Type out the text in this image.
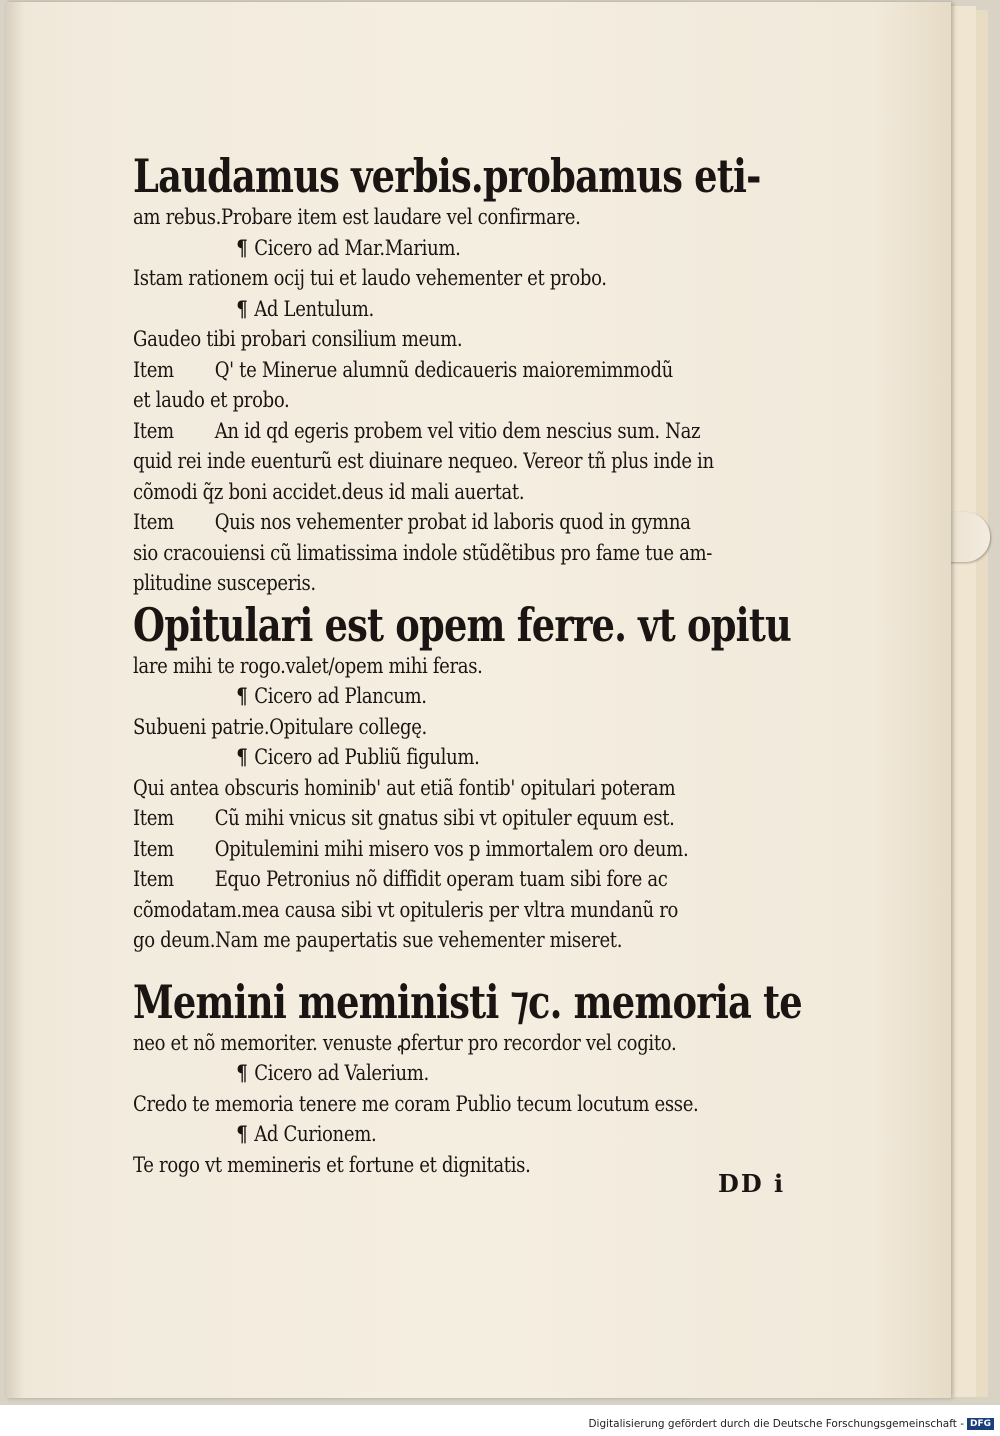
Laudamus verbis.probamus eti-
am rebus.Probare item est laudare vel confirmare.
¶ Cicero ad Mar.Marium.
Istam rationem ocij tui et laudo vehementer et probo.
¶ Ad Lentulum.
Gaudeo tibi probari consilium meum.
Item Q' te Minerue alumnũ dedicaueris maioremimmodũ
et laudo et probo.
Item An id qd egeris probem vel vitio dem nescius sum. Naz
quid rei inde euenturũ est diuinare nequeo. Vereor tñ plus inde in
cõmodi q̃z boni accidet.deus id mali auertat.
Item Quis nos vehementer probat id laboris quod in gymna
sio cracouiensi cũ limatissima indole stũdẽtibus pro fame tue am-
plitudine susceperis.
Opitulari est opem ferre. vt opitu
lare mihi te rogo.valet/opem mihi feras.
¶ Cicero ad Plancum.
Subueni patrie.Opitulare collegę.
¶ Cicero ad Publiũ figulum.
Qui antea obscuris hominib' aut etiã fontib' opitulari poteram
Item Cũ mihi vnicus sit gnatus sibi vt opituler equum est.
Item Opitulemini mihi misero vos p immortalem oro deum.
Item Equo Petronius nõ diffidit operam tuam sibi fore ac
cõmodatam.mea causa sibi vt opituleris per vltra mundanũ ro
go deum.Nam me paupertatis sue vehementer miseret.
Memini meministi ⁊c. memoria te
neo et nõ memoriter. venuste ꝓfertur pro recordor vel cogito.
¶ Cicero ad Valerium.
Credo te memoria tenere me coram Publio tecum locutum esse.
¶ Ad Curionem.
Te rogo vt memineris et fortune et dignitatis.
DD i
Digitalisierung gefördert durch die Deutsche Forschungsgemeinschaft - DFG
